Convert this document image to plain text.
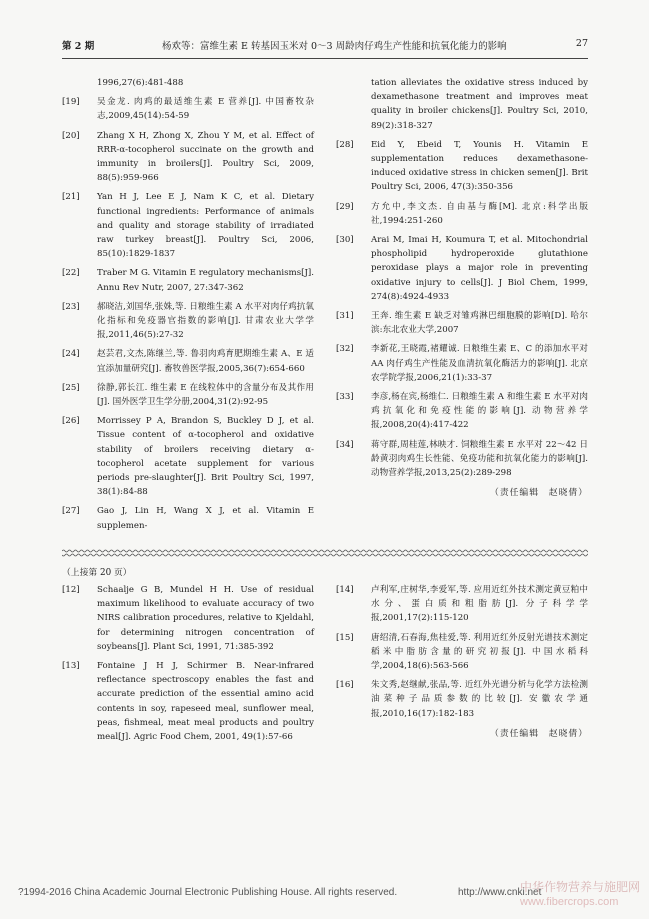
第 2 期	杨欢等：富维生素 E 转基因玉米对 0～3 周龄肉仔鸡生产性能和抗氧化能力的影响	27
1996,27(6):481-488
[19]	吴金龙. 肉鸡的最适维生素 E 营养[J]. 中国畜牧杂志,2009,45(14):54-59
[20]	Zhang X H, Zhong X, Zhou Y M, et al. Effect of RRR-α-tocopherol succinate on the growth and immunity in broilers[J]. Poultry Sci, 2009, 88(5):959-966
[21]	Yan H J, Lee E J, Nam K C, et al. Dietary functional ingredients: Performance of animals and quality and storage stability of irradiated raw turkey breast[J]. Poultry Sci, 2006, 85(10):1829-1837
[22]	Traber M G. Vitamin E regulatory mechanisms[J]. Annu Rev Nutr, 2007, 27:347-362
[23]	郝晓洁,刘国华,张姝,等. 日粮维生素 A 水平对肉仔鸡抗氧化指标和免疫器官指数的影响[J]. 甘肃农业大学学报,2011,46(5):27-32
[24]	赵芸君,文杰,陈继兰,等. 鲁羽肉鸡育肥期维生素 A、E 适宜添加量研究[J]. 畜牧兽医学报,2005,36(7):654-660
[25]	徐静,郭长江. 维生素 E 在线粒体中的含量分布及其作用[J]. 国外医学卫生学分册,2004,31(2):92-95
[26]	Morrissey P A, Brandon S, Buckley D J, et al. Tissue content of α-tocopherol and oxidative stability of broilers receiving dietary α-tocopherol acetate supplement for various periods pre-slaughter[J]. Brit Poultry Sci, 1997, 38(1):84-88
[27]	Gao J, Lin H, Wang X J, et al. Vitamin E supplemen-
tation alleviates the oxidative stress induced by dexamethasone treatment and improves meat quality in broiler chickens[J]. Poultry Sci, 2010, 89(2):318-327
[28]	Eid Y, Ebeid T, Younis H. Vitamin E supplementation reduces dexamethasone-induced oxidative stress in chicken semen[J]. Brit Poultry Sci, 2006, 47(3):350-356
[29]	方允中,李文杰. 自由基与酶[M]. 北京:科学出版社,1994:251-260
[30]	Arai M, Imai H, Koumura T, et al. Mitochondrial phospholipid hydroperoxide glutathione peroxidase plays a major role in preventing oxidative injury to cells[J]. J Biol Chem, 1999, 274(8):4924-4933
[31]	王奔. 维生素 E 缺乏对雏鸡淋巴细胞膜的影响[D]. 哈尔滨:东北农业大学,2007
[32]	李新花,王晓霞,褚耀诚. 日粮维生素 E、C 的添加水平对 AA 肉仔鸡生产性能及血清抗氧化酶活力的影响[J]. 北京农学院学报,2006,21(1):33-37
[33]	李彦,杨在宾,杨维仁. 日粮维生素 A 和维生素 E 水平对肉鸡抗氧化和免疫性能的影响[J]. 动物营养学报,2008,20(4):417-422
[34]	蒋守群,周桂莲,林映才. 饲粮维生素 E 水平对 22～42 日龄黄羽肉鸡生长性能、免疫功能和抗氧化能力的影响[J]. 动物营养学报,2013,25(2):289-298
（责任编辑　赵晓倩）
（上接第 20 页）
[12]	Schaalje G B, Mundel H H. Use of residual maximum likelihood to evaluate accuracy of two NIRS calibration procedures, relative to Kjeldahl, for determining nitrogen concentration of soybeans[J]. Plant Sci, 1991, 71:385-392
[13]	Fontaine J H J, Schirmer B. Near-infrared reflectance spectroscopy enables the fast and accurate prediction of the essential amino acid contents in soy, rapeseed meal, sunflower meal, peas, fishmeal, meat meal products and poultry meal[J]. Agric Food Chem, 2001, 49(1):57-66
[14]	卢利军,庄树华,李爱军,等. 应用近红外技术测定黄豆粕中水分、蛋白质和粗脂肪[J]. 分子科学学报,2001,17(2):115-120
[15]	唐绍清,石春海,焦桂爱,等. 利用近红外反射光谱技术测定稻米中脂肪含量的研究初报[J]. 中国水稻科学,2004,18(6):563-566
[16]	朱文秀,赵继献,张品,等. 近红外光谱分析与化学方法检测油菜种子品质参数的比较[J]. 安徽农学通报,2010,16(17):182-183
（责任编辑　赵晓倩）
?1994-2016 China Academic Journal Electronic Publishing House. All rights reserved.	http://www.cnki.net
中华作物营养与施肥网
www.fibercrops.com
